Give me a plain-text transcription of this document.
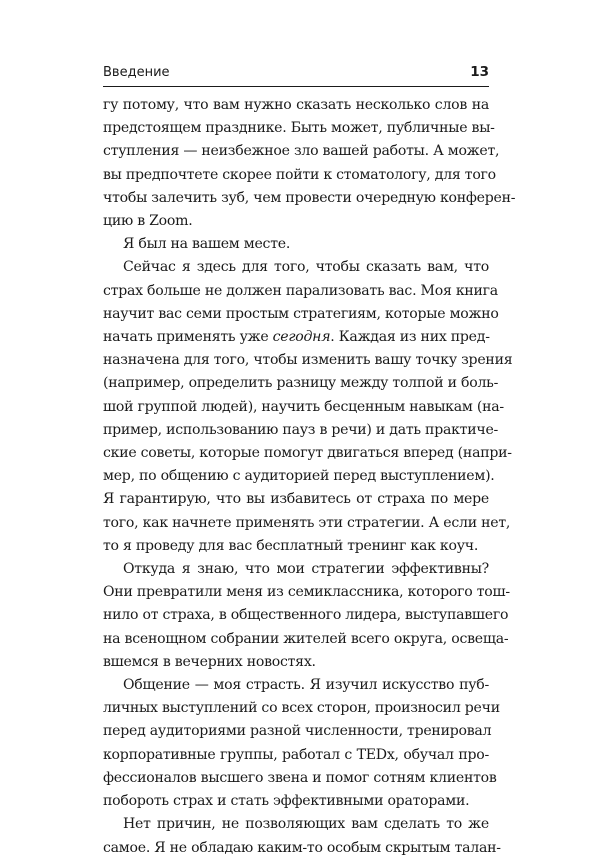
Введение	13
гу потому, что вам нужно сказать несколько слов на
предстоящем празднике. Быть может, публичные вы-
ступления — неизбежное зло вашей работы. А может,
вы предпочтете скорее пойти к стоматологу, для того
чтобы залечить зуб, чем провести очередную конферен-
цию в Zoom.
Я был на вашем месте.
Сейчас я здесь для того, чтобы сказать вам, что
страх больше не должен парализовать вас. Моя книга
научит вас семи простым стратегиям, которые можно
начать применять уже сегодня. Каждая из них пред-
назначена для того, чтобы изменить вашу точку зрения
(например, определить разницу между толпой и боль-
шой группой людей), научить бесценным навыкам (на-
пример, использованию пауз в речи) и дать практиче-
ские советы, которые помогут двигаться вперед (напри-
мер, по общению с аудиторией перед выступлением).
Я гарантирую, что вы избавитесь от страха по мере
того, как начнете применять эти стратегии. А если нет,
то я проведу для вас бесплатный тренинг как коуч.
Откуда я знаю, что мои стратегии эффективны?
Они превратили меня из семиклассника, которого тош-
нило от страха, в общественного лидера, выступавшего
на всенощном собрании жителей всего округа, освеща-
вшемся в вечерних новостях.
Общение — моя страсть. Я изучил искусство пуб-
личных выступлений со всех сторон, произносил речи
перед аудиториями разной численности, тренировал
корпоративные группы, работал с TEDx, обучал про-
фессионалов высшего звена и помог сотням клиентов
побороть страх и стать эффективными ораторами.
Нет причин, не позволяющих вам сделать то же
самое. Я не обладаю каким-то особым скрытым талан-
